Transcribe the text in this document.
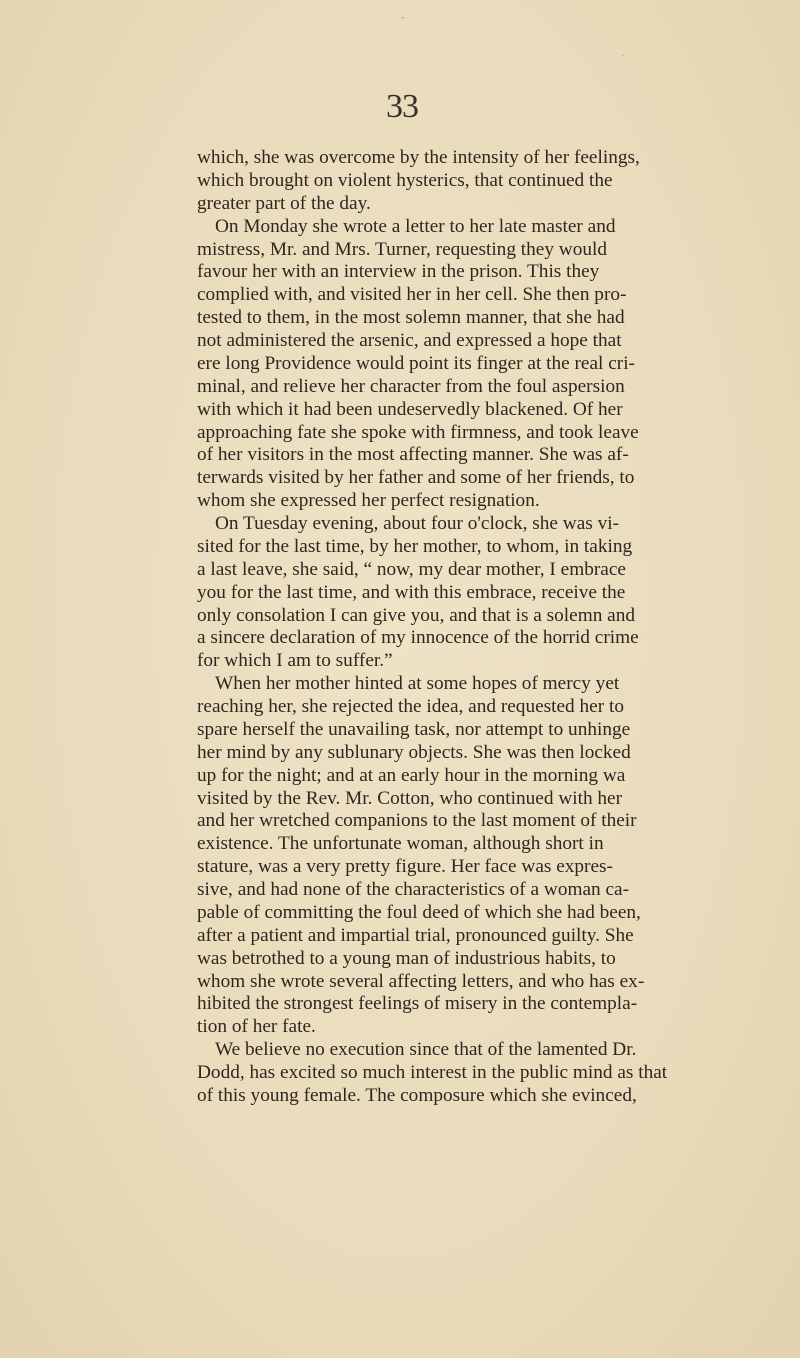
33
which, she was overcome by the intensity of her feelings,
which brought on violent hysterics, that continued the
greater part of the day.
On Monday she wrote a letter to her late master and
mistress, Mr. and Mrs. Turner, requesting they would
favour her with an interview in the prison. This they
complied with, and visited her in her cell. She then pro-
tested to them, in the most solemn manner, that she had
not administered the arsenic, and expressed a hope that
ere long Providence would point its finger at the real cri-
minal, and relieve her character from the foul aspersion
with which it had been undeservedly blackened. Of her
approaching fate she spoke with firmness, and took leave
of her visitors in the most affecting manner. She was af-
terwards visited by her father and some of her friends, to
whom she expressed her perfect resignation.
On Tuesday evening, about four o'clock, she was vi-
sited for the last time, by her mother, to whom, in taking
a last leave, she said, “ now, my dear mother, I embrace
you for the last time, and with this embrace, receive the
only consolation I can give you, and that is a solemn and
a sincere declaration of my innocence of the horrid crime
for which I am to suffer.”
When her mother hinted at some hopes of mercy yet
reaching her, she rejected the idea, and requested her to
spare herself the unavailing task, nor attempt to unhinge
her mind by any sublunary objects. She was then locked
up for the night; and at an early hour in the morning wa
visited by the Rev. Mr. Cotton, who continued with her
and her wretched companions to the last moment of their
existence. The unfortunate woman, although short in
stature, was a very pretty figure. Her face was expres-
sive, and had none of the characteristics of a woman ca-
pable of committing the foul deed of which she had been,
after a patient and impartial trial, pronounced guilty. She
was betrothed to a young man of industrious habits, to
whom she wrote several affecting letters, and who has ex-
hibited the strongest feelings of misery in the contempla-
tion of her fate.
We believe no execution since that of the lamented Dr.
Dodd, has excited so much interest in the public mind as that
of this young female. The composure which she evinced,
·
ˇ
